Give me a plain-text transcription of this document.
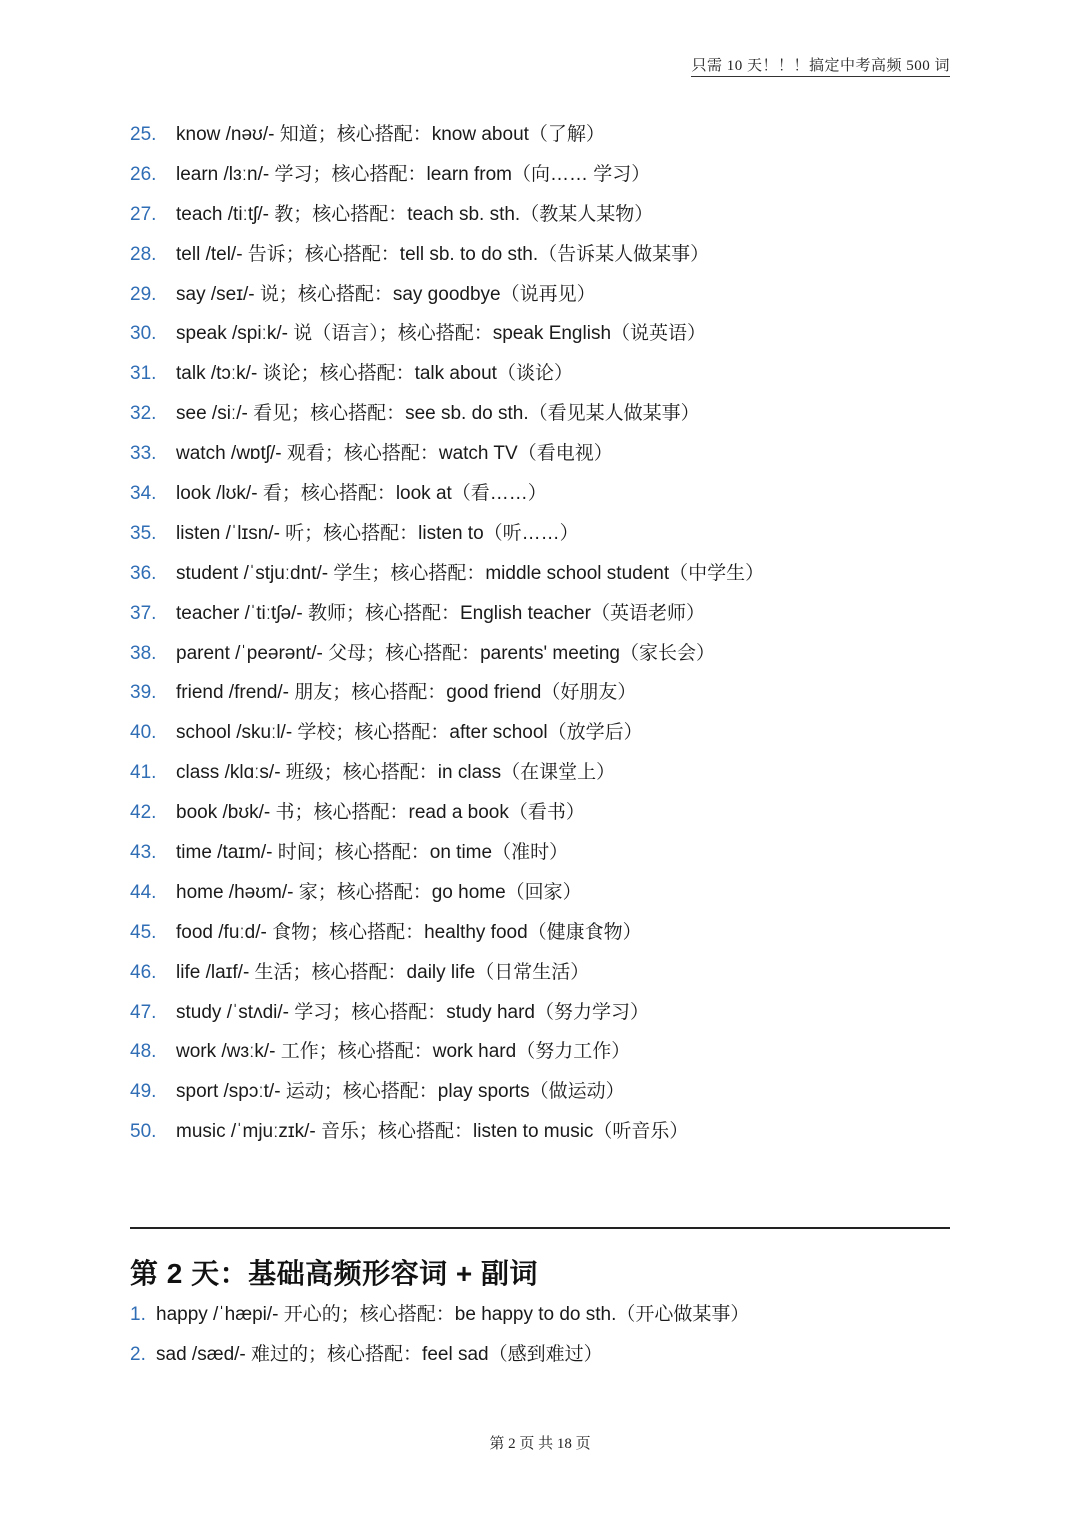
只需 10 天！！！搞定中考高频 500 词
25. know /nəʊ/- 知道；核心搭配：know about（了解）
26. learn /lɜːn/- 学习；核心搭配：learn from（向…… 学习）
27. teach /tiːtʃ/- 教；核心搭配：teach sb. sth.（教某人某物）
28. tell /tel/- 告诉；核心搭配：tell sb. to do sth.（告诉某人做某事）
29. say /seɪ/- 说；核心搭配：say goodbye（说再见）
30. speak /spiːk/- 说（语言）；核心搭配：speak English（说英语）
31. talk /tɔːk/- 谈论；核心搭配：talk about（谈论）
32. see /siː/- 看见；核心搭配：see sb. do sth.（看见某人做某事）
33. watch /wɒtʃ/- 观看；核心搭配：watch TV（看电视）
34. look /lʊk/- 看；核心搭配：look at（看……）
35. listen /ˈlɪsn/- 听；核心搭配：listen to（听……）
36. student /ˈstjuːdnt/- 学生；核心搭配：middle school student（中学生）
37. teacher /ˈtiːtʃə/- 教师；核心搭配：English teacher（英语老师）
38. parent /ˈpeərənt/- 父母；核心搭配：parents' meeting（家长会）
39. friend /frend/- 朋友；核心搭配：good friend（好朋友）
40. school /skuːl/- 学校；核心搭配：after school（放学后）
41. class /klɑːs/- 班级；核心搭配：in class（在课堂上）
42. book /bʊk/- 书；核心搭配：read a book（看书）
43. time /taɪm/- 时间；核心搭配：on time（准时）
44. home /həʊm/- 家；核心搭配：go home（回家）
45. food /fuːd/- 食物；核心搭配：healthy food（健康食物）
46. life /laɪf/- 生活；核心搭配：daily life（日常生活）
47. study /ˈstʌdi/- 学习；核心搭配：study hard（努力学习）
48. work /wɜːk/- 工作；核心搭配：work hard（努力工作）
49. sport /spɔːt/- 运动；核心搭配：play sports（做运动）
50. music /ˈmjuːzɪk/- 音乐；核心搭配：listen to music（听音乐）
第 2 天：基础高频形容词 + 副词
1. happy /ˈhæpi/- 开心的；核心搭配：be happy to do sth.（开心做某事）
2. sad /sæd/- 难过的；核心搭配：feel sad（感到难过）
第 2 页 共 18 页
